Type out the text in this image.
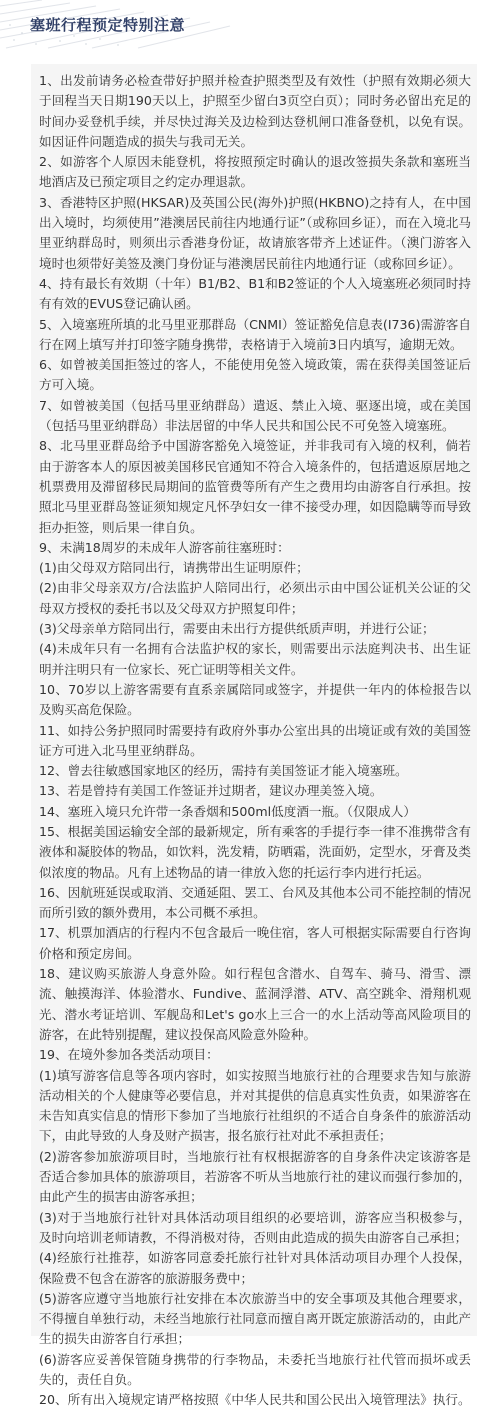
塞班行程预定特别注意

1、出发前请务必检查带好护照并检查护照类型及有效性（护照有效期必须大于回程当天日期190天以上，护照至少留白3页空白页）；同时务必留出充足的时间办妥登机手续，并尽快过海关及边检到达登机闸口准备登机，以免有误。如因证件问题造成的损失与我司无关。

2、如游客个人原因未能登机，将按照预定时确认的退改签损失条款和塞班当地酒店及已预定项目之约定办理退款。

3、香港特区护照(HKSAR)及英国公民(海外)护照(HKBNO)之持有人，在中国出入境时，均须使用”港澳居民前往内地通行证”（或称回乡证），而在入境北马里亚纳群岛时，则须出示香港身份证，故请旅客带齐上述证件。（澳门游客入境时也须带好美签及澳门身份证与港澳居民前往内地通行证（或称回乡证）。

4、持有最长有效期（十年）B1/B2、B1和B2签证的个人入境塞班必须同时持有有效的EVUS登记确认函。

5、入境塞班所填的北马里亚那群岛（CNMI）签证豁免信息表(I736)需游客自行在网上填写并打印签字随身携带，表格请于入境前3日内填写，逾期无效。

6、如曾被美国拒签过的客人，不能使用免签入境政策，需在获得美国签证后方可入境。

7、如曾被美国（包括马里亚纳群岛）遣返、禁止入境、驱逐出境，或在美国（包括马里亚纳群岛）非法居留的中华人民共和国公民不可免签入境塞班。

8、北马里亚群岛给予中国游客豁免入境签证，并非我司有入境的权利，倘若由于游客本人的原因被美国移民官通知不符合入境条件的，包括遣返原居地之机票费用及滞留移民局期间的监管费等所有产生之费用均由游客自行承担。按照北马里亚群岛签证须知规定凡怀孕妇女一律不接受办理，如因隐瞒等而导致拒办拒签，则后果一律自负。

9、未满18周岁的未成年人游客前往塞班时：

(1)由父母双方陪同出行，请携带出生证明原件；

(2)由非父母亲双方/合法监护人陪同出行，必须出示由中国公证机关公证的父母双方授权的委托书以及父母双方护照复印件；

(3)父母亲单方陪同出行，需要由未出行方提供纸质声明，并进行公证；

(4)未成年只有一名拥有合法监护权的家长，则需要出示法庭判决书、出生证明并注明只有一位家长、死亡证明等相关文件。

10、70岁以上游客需要有直系亲属陪同或签字，并提供一年内的体检报告以及购买高危保险。

11、如持公务护照同时需要持有政府外事办公室出具的出境证或有效的美国签证方可进入北马里亚纳群岛。

12、曾去往敏感国家地区的经历，需持有美国签证才能入境塞班。

13、若是曾持有美国工作签证并过期者，建议办理美签入境。

14、塞班入境只允许带一条香烟和500ml低度酒一瓶。（仅限成人）

15、根据美国运输安全部的最新规定，所有乘客的手提行李一律不准携带含有液体和凝胶体的物品，如饮料，洗发精，防晒霜，洗面奶，定型水，牙膏及类似浓度的物品。凡有上述物品的请一律放入您的托运行李内进行托运。

16、因航班延误或取消、交通延阻、罢工、台风及其他本公司不能控制的情况而所引致的额外费用，本公司概不承担。

17、机票加酒店的行程内不包含最后一晚住宿，客人可根据实际需要自行咨询价格和预定房间。

18、建议购买旅游人身意外险。如行程包含潜水、自驾车、骑马、滑雪、漂流、触摸海洋、体验潜水、Fundive、蓝洞浮潜、ATV、高空跳伞、滑翔机观光、潜水考证培训、军舰岛和Let's go水上三合一的水上活动等高风险项目的游客，在此特别提醒，建议投保高风险意外险种。

19、在境外参加各类活动项目：

(1)填写游客信息等各项内容时，如实按照当地旅行社的合理要求告知与旅游活动相关的个人健康等必要信息，并对其提供的信息真实性负责，如果游客在未告知真实信息的情形下参加了当地旅行社组织的不适合自身条件的旅游活动下，由此导致的人身及财产损害，报名旅行社对此不承担责任；

(2)游客参加旅游项目时，当地旅行社有权根据游客的自身条件决定该游客是否适合参加具体的旅游项目，若游客不听从当地旅行社的建议而强行参加的，由此产生的损害由游客承担；

(3)对于当地旅行社针对具体活动项目组织的必要培训，游客应当积极参与，及时向培训老师请教，不得消极对待，否则由此造成的损失由游客自己承担；

(4)经旅行社推荐，如游客同意委托旅行社针对具体活动项目办理个人投保，保险费不包含在游客的旅游服务费中；

(5)游客应遵守当地旅行社安排在本次旅游当中的安全事项及其他合理要求，不得擅自单独行动，未经当地旅行社同意而擅自离开既定旅游活动的，由此产生的损失由游客自行承担；

(6)游客应妥善保管随身携带的行李物品，未委托当地旅行社代管而损坏或丢失的，责任自负。

20、所有出入境规定请严格按照《中华人民共和国公民出入境管理法》执行。
